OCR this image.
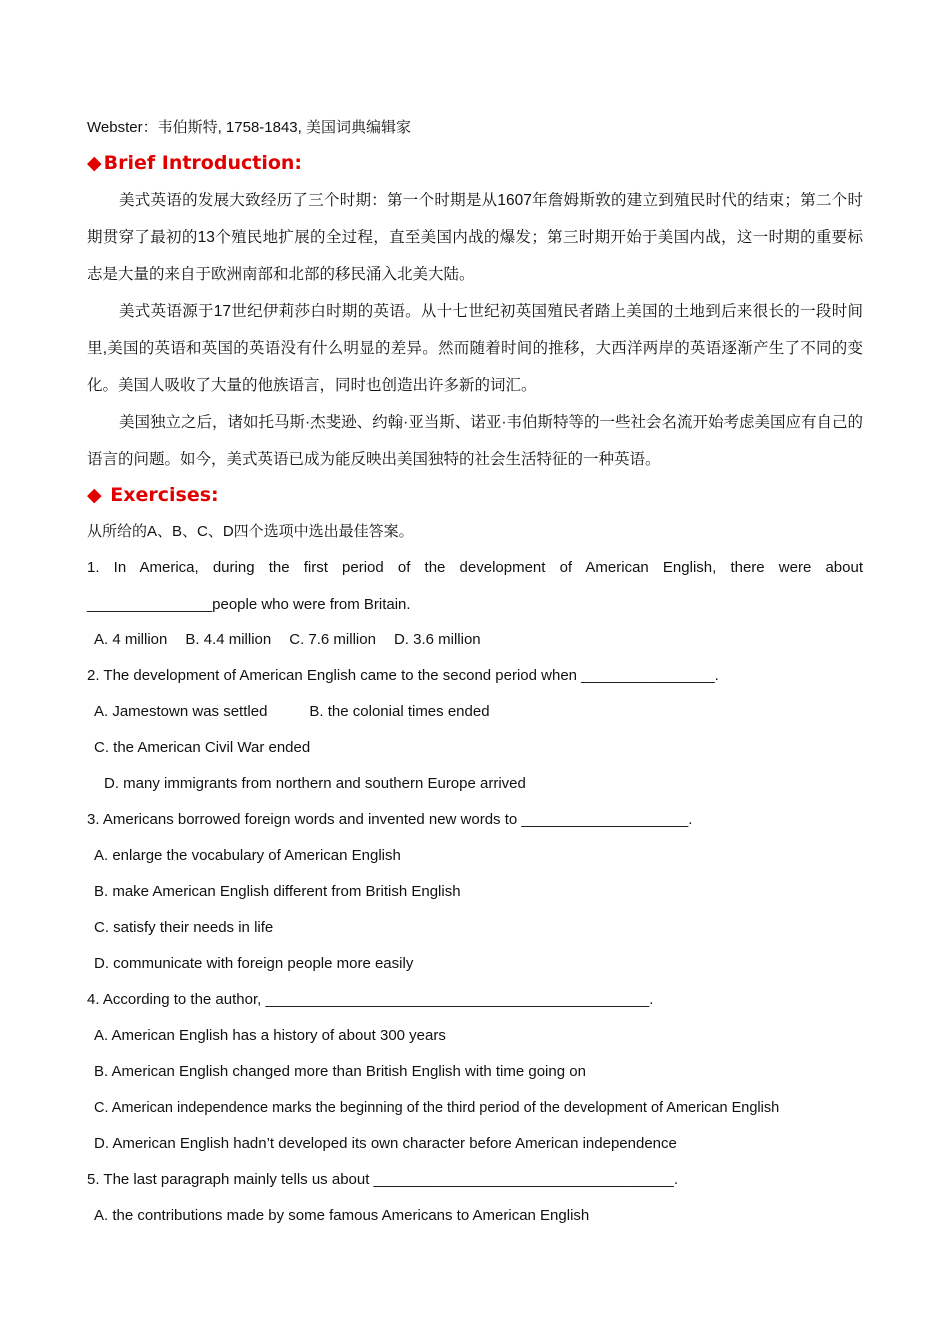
Webster：韦伯斯特, 1758-1843, 美国词典编辑家

◆ Brief Introduction:

美式英语的发展大致经历了三个时期：第一个时期是从1607年詹姆斯敦的建立到殖民时代的结束；第二个时期贯穿了最初的13个殖民地扩展的全过程，直至美国内战的爆发；第三时期开始于美国内战，这一时期的重要标志是大量的来自于欧洲南部和北部的移民涌入北美大陆。

美式英语源于17世纪伊莉莎白时期的英语。从十七世纪初英国殖民者踏上美国的土地到后来很长的一段时间里,美国的英语和英国的英语没有什么明显的差异。然而随着时间的推移，大西洋两岸的英语逐渐产生了不同的变化。美国人吸收了大量的他族语言，同时也创造出许多新的词汇。

美国独立之后，诸如托马斯·杰斐逊、约翰·亚当斯、诺亚·韦伯斯特等的一些社会名流开始考虑美国应有自己的语言的问题。如今，美式英语已成为能反映出美国独特的社会生活特征的一种英语。

◆ Exercises:

从所给的A、B、C、D四个选项中选出最佳答案。

1. In America, during the first period of the development of American English, there were about _______________people who were from Britain.

A. 4 million B. 4.4 million C. 7.6 million D. 3.6 million

2. The development of American English came to the second period when ________________.

A. Jamestown was settled	B. the colonial times ended

C. the American Civil War ended

D. many immigrants from northern and southern Europe arrived

3. Americans borrowed foreign words and invented new words to ____________________.

A. enlarge the vocabulary of American English

B. make American English different from British English

C. satisfy their needs in life

D. communicate with foreign people more easily

4. According to the author, ______________________________________________.

A. American English has a history of about 300 years

B. American English changed more than British English with time going on

C. American independence marks the beginning of the third period of the development of American English

D. American English hadn’t developed its own character before American independence

5. The last paragraph mainly tells us about ____________________________________.

A. the contributions made by some famous Americans to American English
